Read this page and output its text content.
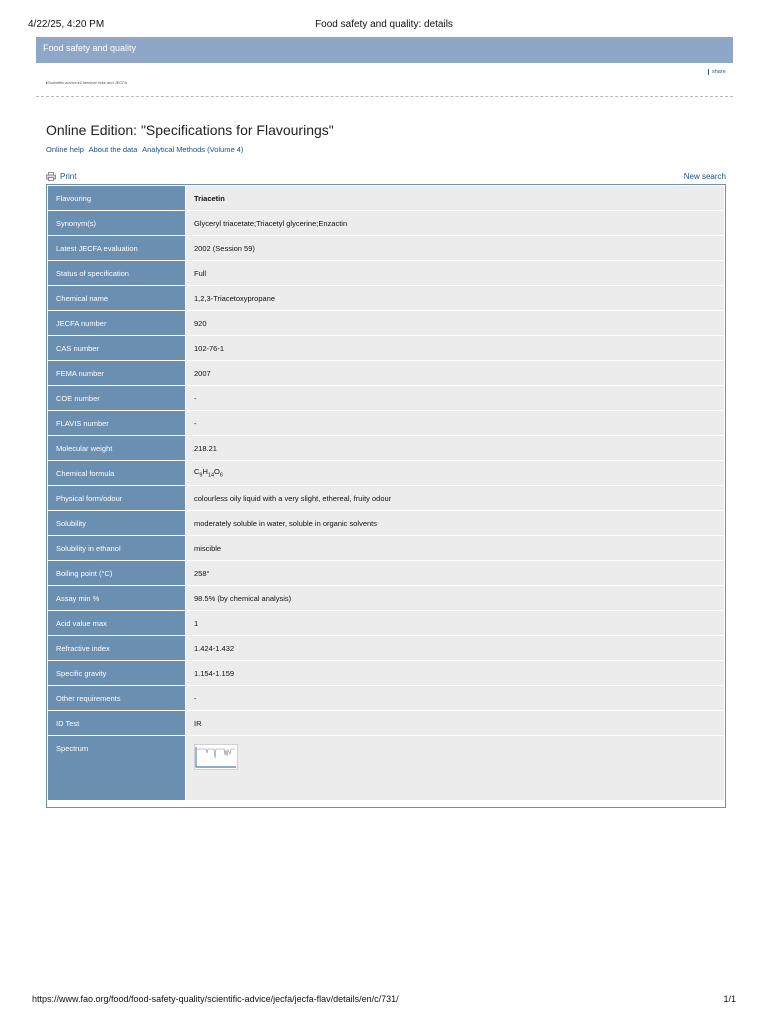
4/22/25, 4:20 PM	Food safety and quality: details
Food safety and quality
▸Scientific advice ▸Chemical risks and JECFA
share
Online Edition: "Specifications for Flavourings"
Online help About the data Analytical Methods (Volume 4)
Print	New search
Flavouring	Triacetin
Synonym(s)	Glyceryl triacetate;Triacetyl glycerine;Enzactin
Latest JECFA evaluation	2002 (Session 59)
Status of specification	Full
Chemical name	1,2,3-Triacetoxypropane
JECFA number	920
CAS number	102-76-1
FEMA number	2007
COE number	-
FLAVIS number	-
Molecular weight	218.21
Chemical formula	$C_9H_{14}O_6$
Physical form/odour	colourless oily liquid with a very slight, ethereal, fruity odour
Solubility	moderately soluble in water, soluble in organic solvents
Solubility in ethanol	miscible
Boiling point (°C)	258°
Assay min %	98.5% (by chemical analysis)
Acid value max	1
Refractive index	1.424-1.432
Specific gravity	1.154-1.159
Other requirements	-
ID Test	IR
Spectrum	
https://www.fao.org/food/food-safety-quality/scientific-advice/jecfa/jecfa-flav/details/en/c/731/	1/1
